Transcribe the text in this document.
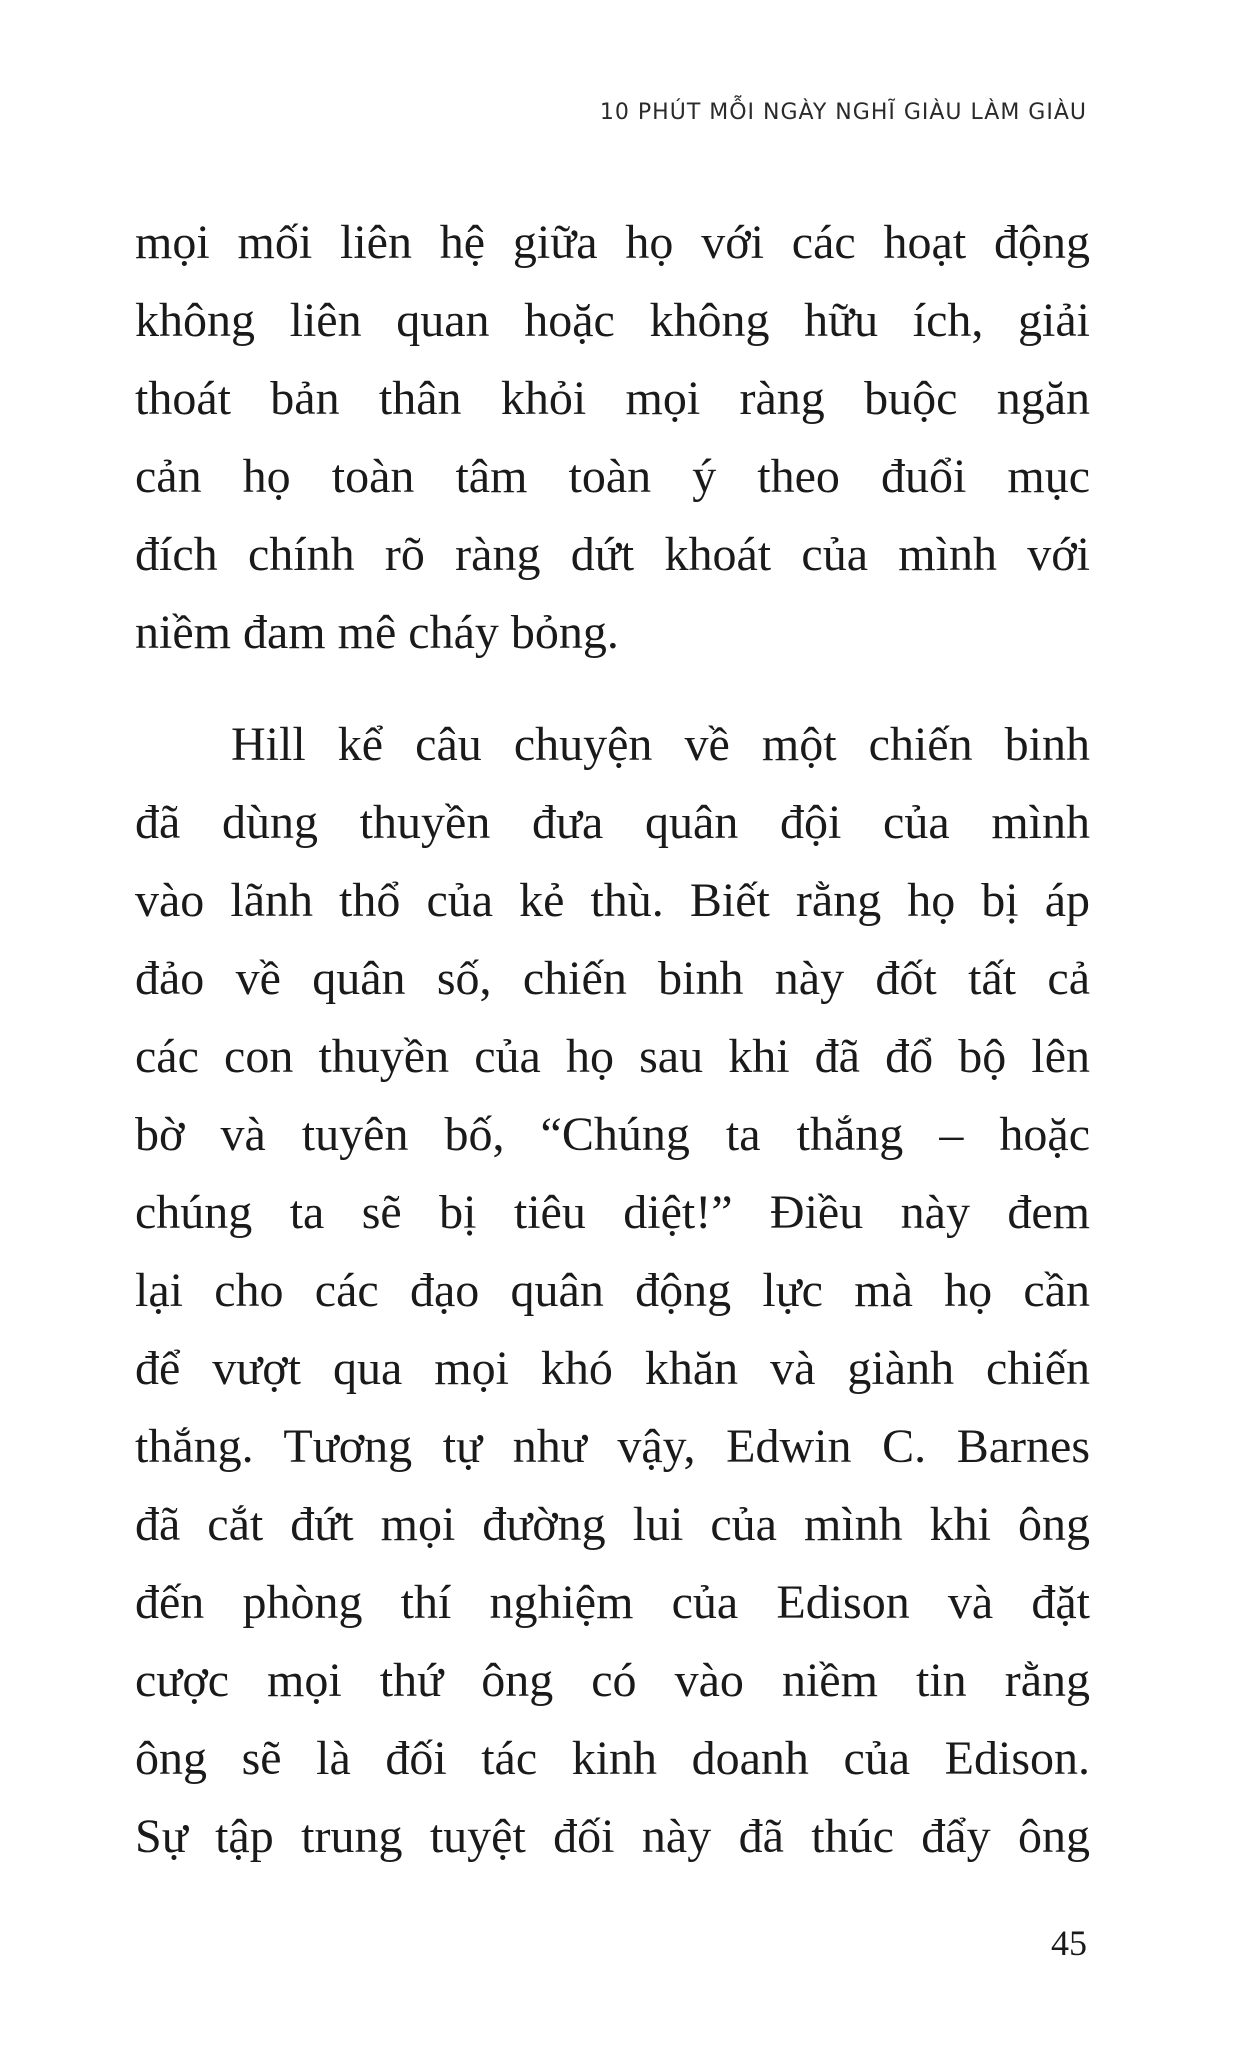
10 PHÚT MỖI NGÀY NGHĨ GIÀU LÀM GIÀU
mọi mối liên hệ giữa họ với các hoạt động
không liên quan hoặc không hữu ích, giải
thoát bản thân khỏi mọi ràng buộc ngăn
cản họ toàn tâm toàn ý theo đuổi mục
đích chính rõ ràng dứt khoát của mình với
niềm đam mê cháy bỏng.
Hill kể câu chuyện về một chiến binh
đã dùng thuyền đưa quân đội của mình
vào lãnh thổ của kẻ thù. Biết rằng họ bị áp
đảo về quân số, chiến binh này đốt tất cả
các con thuyền của họ sau khi đã đổ bộ lên
bờ và tuyên bố, “Chúng ta thắng – hoặc
chúng ta sẽ bị tiêu diệt!” Điều này đem
lại cho các đạo quân động lực mà họ cần
để vượt qua mọi khó khăn và giành chiến
thắng. Tương tự như vậy, Edwin C. Barnes
đã cắt đứt mọi đường lui của mình khi ông
đến phòng thí nghiệm của Edison và đặt
cược mọi thứ ông có vào niềm tin rằng
ông sẽ là đối tác kinh doanh của Edison.
Sự tập trung tuyệt đối này đã thúc đẩy ông
45
